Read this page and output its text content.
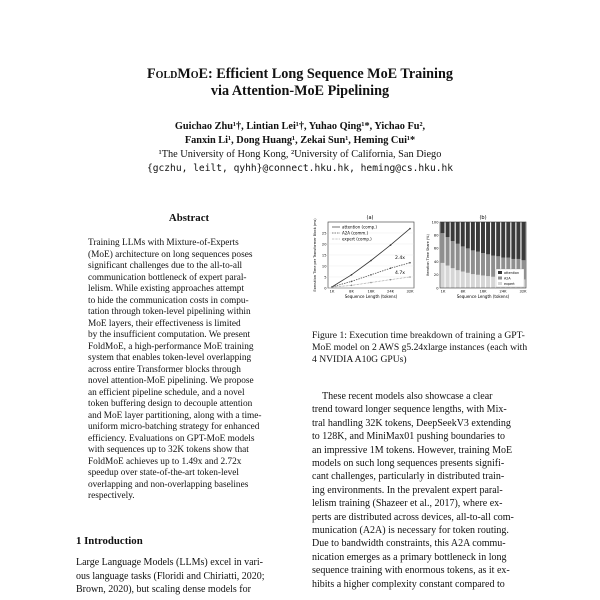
FoldMoE: Efficient Long Sequence MoE Training
via Attention-MoE Pipelining
Guichao Zhu¹†, Lintian Lei¹†, Yuhao Qing¹*, Yichao Fu²,
Fanxin Li¹, Dong Huang¹, Zekai Sun¹, Heming Cui¹*
¹The University of Hong Kong, ²University of California, San Diego
{gczhu, leilt, qyhh}@connect.hku.hk, heming@cs.hku.hk
Abstract
Training LLMs with Mixture-of-Experts
(MoE) architecture on long sequences poses
significant challenges due to the all-to-all
communication bottleneck of expert paral-
lelism. While existing approaches attempt
to hide the communication costs in compu-
tation through token-level pipelining within
MoE layers, their effectiveness is limited
by the insufficient computation. We present
FoldMoE, a high-performance MoE training
system that enables token-level overlapping
across entire Transformer blocks through
novel attention-MoE pipelining. We propose
an efficient pipeline schedule, and a novel
token buffering design to decouple attention
and MoE layer partitioning, along with a time-
uniform micro-batching strategy for enhanced
efficiency. Evaluations on GPT-MoE models
with sequences up to 32K tokens show that
FoldMoE achieves up to 1.49x and 2.72x
speedup over state-of-the-art token-level
overlapping and non-overlapping baselines
respectively.
1 Introduction
Large Language Models (LLMs) excel in vari-
ous language tasks (Floridi and Chiriatti, 2020;
Brown, 2020), but scaling dense models for
(a)
0
5
10
15
20
25
1K	8K	16K	24K	32K
Sequence Length (tokens)
Execution Time per Transformer Block (ms)	attention (comp.)
A2A (comm.)
expert (comp.)
2.4x
4.7x
(b)
0
20
40
60
80
100
1K	8K	16K	24K	32K
Sequence Length (tokens)
Iteration Time Share (%)	attention
A2A
expert
Figure 1: Execution time breakdown of training a GPT-MoE model on 2 AWS g5.24xlarge instances (each with 4 NVIDIA A10G GPUs)
These recent models also showcase a clear
trend toward longer sequence lengths, with Mix-
tral handling 32K tokens, DeepSeekV3 extending
to 128K, and MiniMax01 pushing boundaries to
an impressive 1M tokens. However, training MoE
models on such long sequences presents signifi-
cant challenges, particularly in distributed train-
ing environments. In the prevalent expert paral-
lelism training (Shazeer et al., 2017), where ex-
perts are distributed across devices, all-to-all com-
munication (A2A) is necessary for token routing.
Due to bandwidth constraints, this A2A commu-
nication emerges as a primary bottleneck in long
sequence training with enormous tokens, as it ex-
hibits a higher complexity constant compared to
